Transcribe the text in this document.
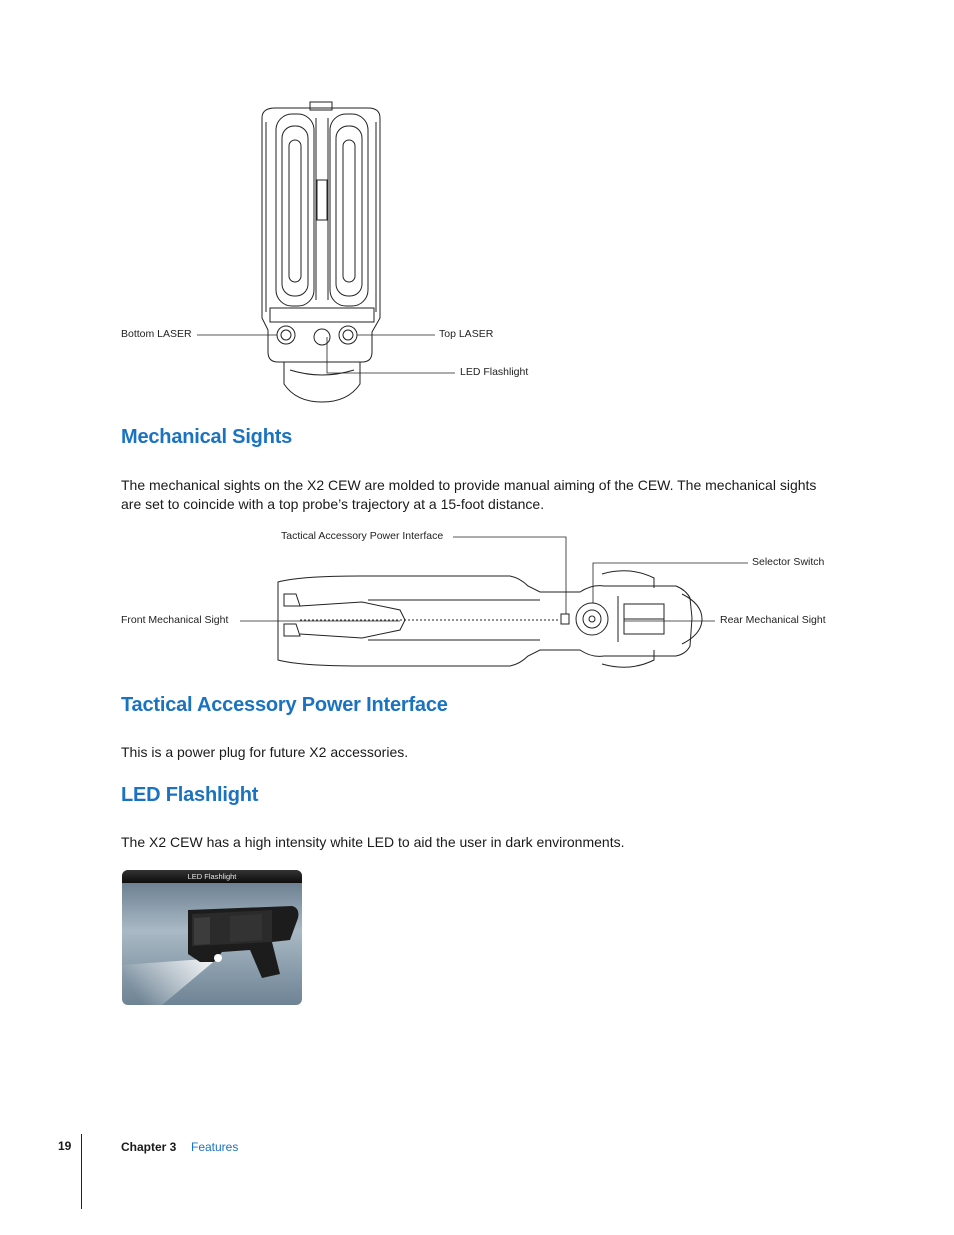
Bottom LASER	Top LASER
LED Flashlight
Mechanical Sights
The mechanical sights on the X2 CEW are molded to provide manual aiming of the CEW. The mechanical sights are set to coincide with a top probe’s trajectory at a 15-foot distance.
Tactical Accessory Power Interface
Selector Switch
Front Mechanical Sight	Rear Mechanical Sight
Tactical Accessory Power Interface
This is a power plug for future X2 accessories.
LED Flashlight
The X2 CEW has a high intensity white LED to aid the user in dark environments.
LED Flashlight
19	Chapter 3 Features
